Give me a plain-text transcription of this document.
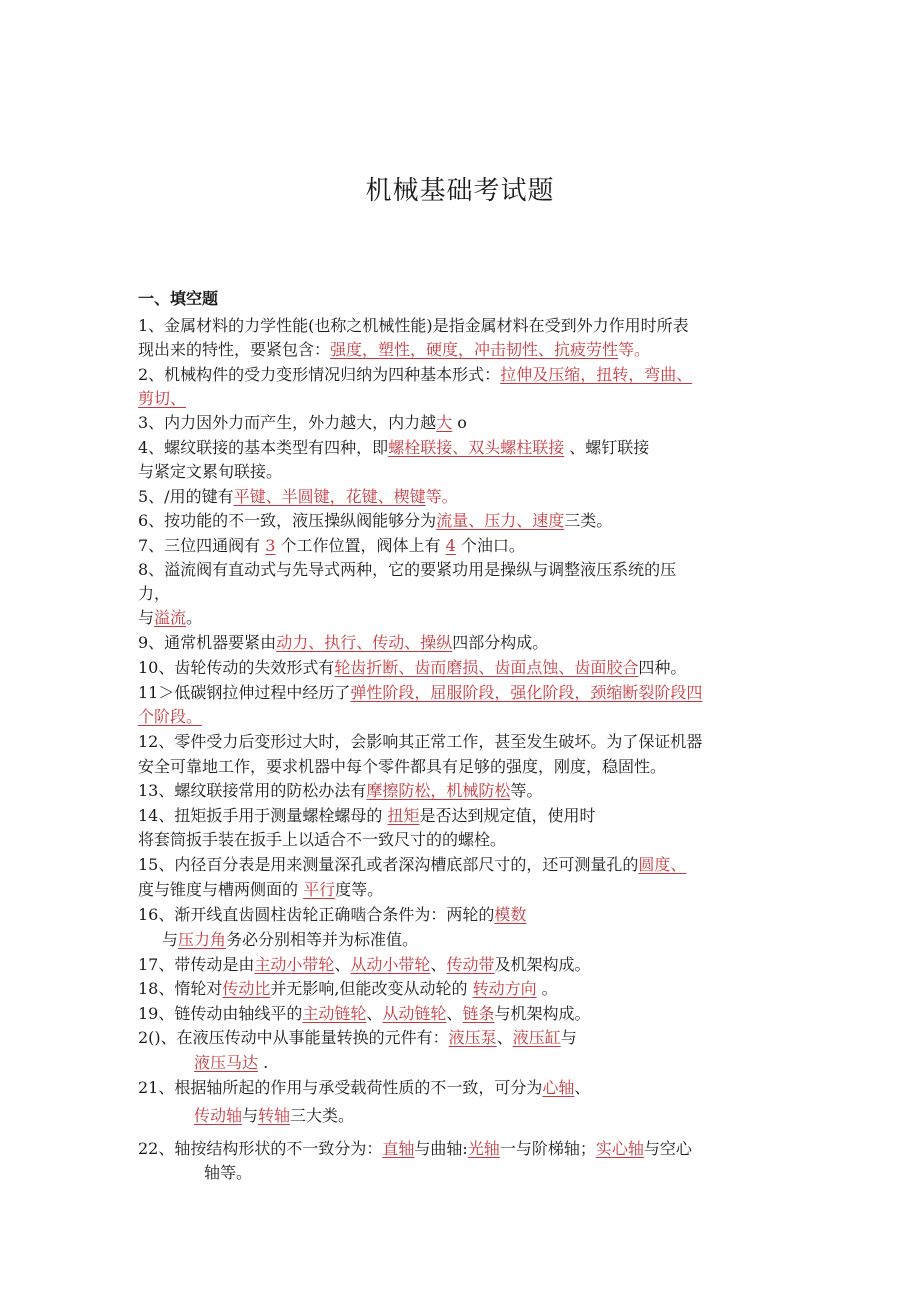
机械基础考试题
一、填空题
1、金属材料的力学性能(也称之机械性能)是指金属材料在受到外力作用时所表
现出来的特性，要紧包含：强度，塑性，硬度，冲击韧性、抗疲劳性等。
2、机械构件的受力变形情况归纳为四种基本形式：拉伸及压缩，扭转，弯曲、
剪切、
3、内力因外力而产生，外力越大，内力越大 o
4、螺纹联接的基本类型有四种，即螺栓联接、双头螺柱联接 、螺钉联接
与紧定文累旬联接。
5、/用的键有平键、半圆键，花键、楔键等。
6、按功能的不一致，液压操纵阀能够分为流量、压力、速度三类。
7、三位四通阀有 3 个工作位置，阀体上有 4 个油口。
8、溢流阀有直动式与先导式两种，它的要紧功用是操纵与调整液压系统的压
力，
与溢流。
9、通常机器要紧由动力、执行、传动、操纵四部分构成。
10、齿轮传动的失效形式有轮齿折断、齿而磨损、齿面点蚀、齿面胶合四种。
11＞低碳钢拉伸过程中经历了弹性阶段，屈服阶段，强化阶段，颈缩断裂阶段四
个阶段。
12、零件受力后变形过大时，会影响其正常工作，甚至发生破坏。为了保证机器
安全可靠地工作，要求机器中每个零件都具有足够的强度，刚度，稳固性。
13、螺纹联接常用的防松办法有摩擦防松，机械防松等。
14、扭矩扳手用于测量螺栓螺母的 扭矩是否达到规定值，使用时
将套筒扳手装在扳手上以适合不一致尺寸的的螺栓。
15、内径百分表是用来测量深孔或者深沟槽底部尺寸的，还可测量孔的圆度、
度与锥度与槽两侧面的 平行度等。
16、渐开线直齿圆柱齿轮正确啮合条件为：两轮的模数
与压力角务必分别相等并为标准值。
17、带传动是由主动小带轮、从动小带轮、传动带及机架构成。
18、惰轮对传动比并无影响,但能改变从动轮的 转动方向 。
19、链传动由轴线平的主动链轮、从动链轮、链条与机架构成。
2()、在液压传动中从事能量转换的元件有：液压泵、液压缸与
液压马达 .
21、根据轴所起的作用与承受载荷性质的不一致，可分为心轴、
传动轴与转轴三大类。
22、轴按结构形状的不一致分为：直轴与曲轴:光轴一与阶梯轴；实心轴与空心
轴等。
